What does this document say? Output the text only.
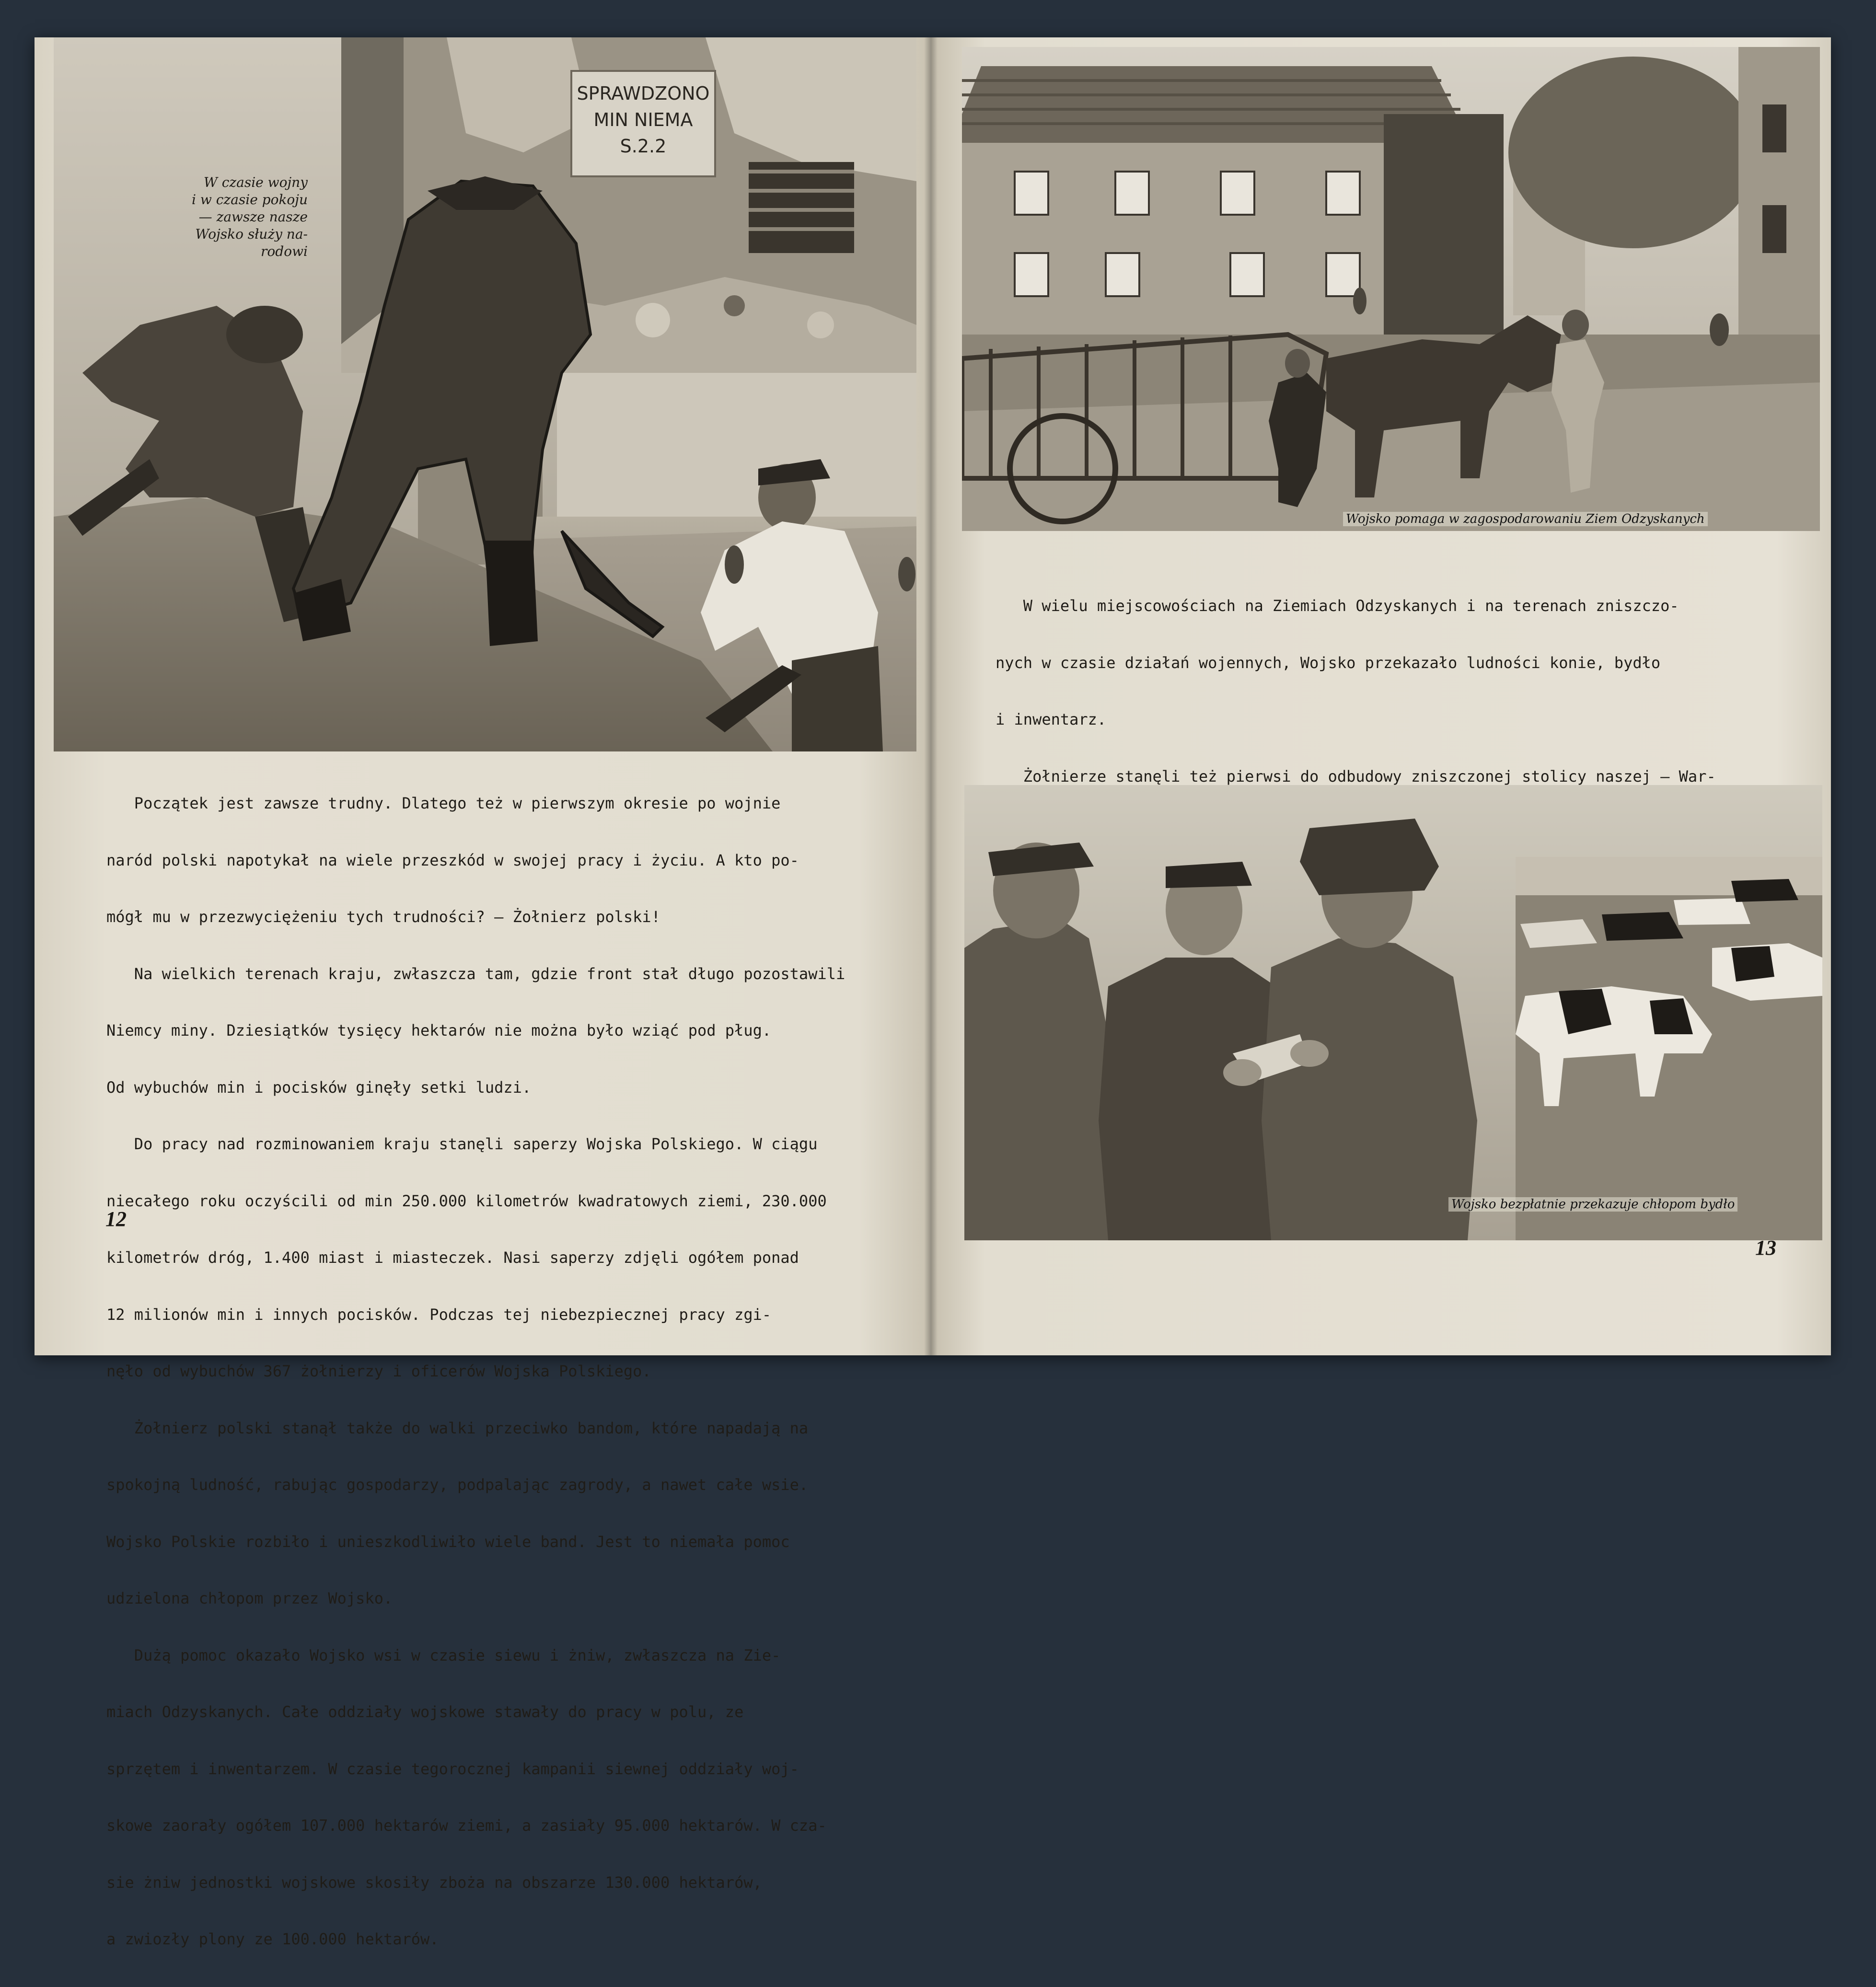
SPRAWDZONO
MIN NIEMA
S.2.2
W czasie wojny
i w czasie pokoju
— zawsze nasze
Wojsko służy na-
rodowi

Początek jest zawsze trudny. Dlatego też w pierwszym okresie po wojnie

naród polski napotykał na wiele przeszkód w swojej pracy i życiu. A kto po-

mógł mu w przezwyciężeniu tych trudności? — Żołnierz polski!

Na wielkich terenach kraju, zwłaszcza tam, gdzie front stał długo pozostawili

Niemcy miny. Dziesiątków tysięcy hektarów nie można było wziąć pod pług.

Od wybuchów min i pocisków ginęły setki ludzi.

Do pracy nad rozminowaniem kraju stanęli saperzy Wojska Polskiego. W ciągu

niecałego roku oczyścili od min 250.000 kilometrów kwadratowych ziemi, 230.000

kilometrów dróg, 1.400 miast i miasteczek. Nasi saperzy zdjęli ogółem ponad

12 milionów min i innych pocisków. Podczas tej niebezpiecznej pracy zgi-

nęło od wybuchów 367 żołnierzy i oficerów Wojska Polskiego.

Żołnierz polski stanął także do walki przeciwko bandom, które napadają na

spokojną ludność, rabując gospodarzy, podpalając zagrody, a nawet całe wsie.

Wojsko Polskie rozbiło i unieszkodliwiło wiele band. Jest to niemała pomoc

udzielona chłopom przez Wojsko.

Dużą pomoc okazało Wojsko wsi w czasie siewu i żniw, zwłaszcza na Zie-

miach Odzyskanych. Całe oddziały wojskowe stawały do pracy w polu, ze

sprzętem i inwentarzem. W czasie tegorocznej kampanii siewnej oddziały woj-

skowe zaorały ogółem 107.000 hektarów ziemi, a zasiały 95.000 hektarów. W cza-

sie żniw jednostki wojskowe skosiły zboża na obszarze 130.000 hektarów,

a zwiozły plony ze 100.000 hektarów.

12
Wojsko pomaga w zagospodarowaniu Ziem Odzyskanych

W wielu miejscowościach na Ziemiach Odzyskanych i na terenach zniszczo-

nych w czasie działań wojennych, Wojsko przekazało ludności konie, bydło

i inwentarz.

Żołnierze stanęli też pierwsi do odbudowy zniszczonej stolicy naszej — War-

Wojsko bezpłatnie przekazuje chłopom bydło
13
